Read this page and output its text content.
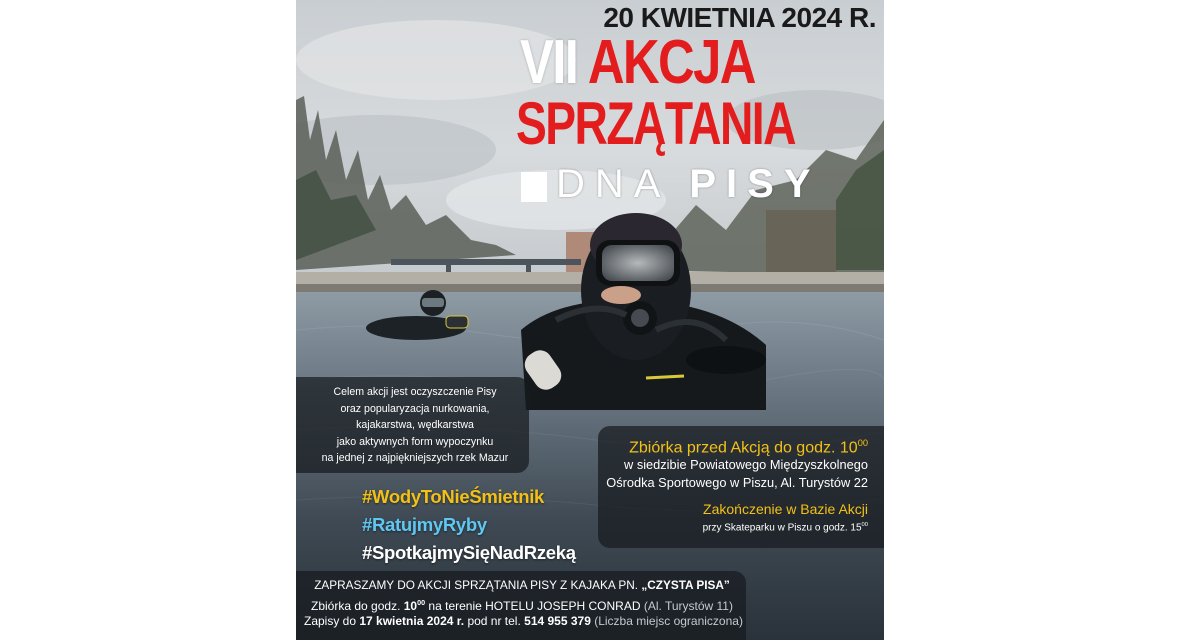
20 KWIETNIA 2024 R.
VII AKCJA
SPRZĄTANIA
DNA PISY
Celem akcji jest oczyszczenie Pisy
oraz popularyzacja nurkowania,
kajakarstwa, wędkarstwa
jako aktywnych form wypoczynku
na jednej z najpiękniejszych rzek Mazur
Zbiórka przed Akcją do godz. $10^{00}$
w siedzibie Powiatowego Międzyszkolnego
Ośrodka Sportowego w Piszu, Al. Turystów 22
Zakończenie w Bazie Akcji
przy Skateparku w Piszu o godz. $15^{00}$
#WodyToNieŚmietnik
#RatujmyRyby
#SpotkajmySięNadRzeką
ZAPRASZAMY DO AKCJI SPRZĄTANIA PISY Z KAJAKA PN. „CZYSTA PISA”
Zbiórka do godz. $10^{00}$ na terenie HOTELU JOSEPH CONRAD (Al. Turystów 11)
Zapisy do 17 kwietnia 2024 r. pod nr tel. 514 955 379 (Liczba miejsc ograniczona)
